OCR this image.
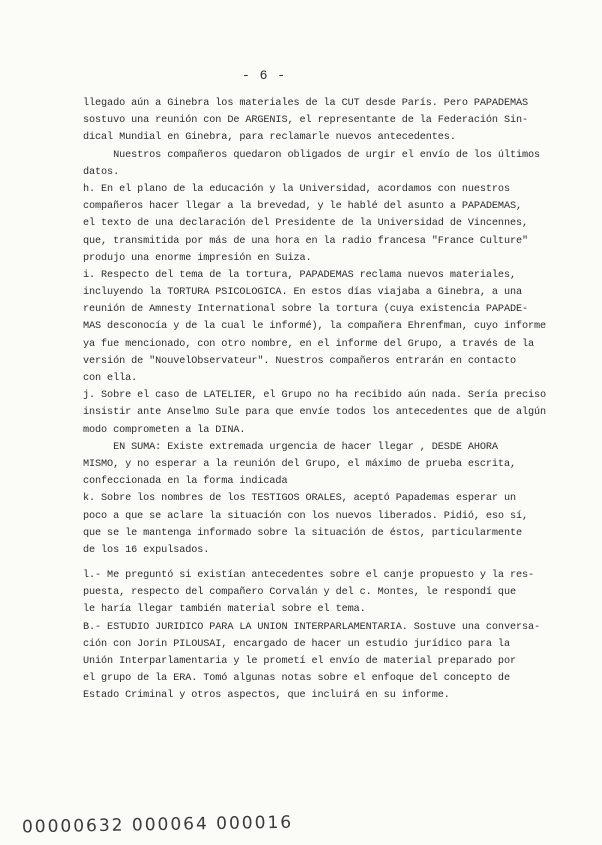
- 6 -
llegado aún a Ginebra los materiales de la CUT desde París. Pero PAPADEMAS
sostuvo una reunión con De ARGENIS, el representante de la Federación Sin-
dical Mundial en Ginebra, para reclamarle nuevos antecedentes.
Nuestros compañeros quedaron obligados de urgir el envío de los últimos
datos.
h. En el plano de la educación y la Universidad, acordamos con nuestros
compañeros hacer llegar a la brevedad, y le hablé del asunto a PAPADEMAS,
el texto de una declaración del Presidente de la Universidad de Vincennes,
que, transmitida por más de una hora en la radio francesa "France Culture"
produjo una enorme impresión en Suiza.
i. Respecto del tema de la tortura, PAPADEMAS reclama nuevos materiales,
incluyendo la TORTURA PSICOLOGICA. En estos días viajaba a Ginebra, a una
reunión de Amnesty International sobre la tortura (cuya existencia PAPADE-
MAS desconocía y de la cual le informé), la compañera Ehrenfman, cuyo informe
ya fue mencionado, con otro nombre, en el informe del Grupo, a través de la
versión de "NouvelObservateur". Nuestros compañeros entrarán en contacto
con ella.
j. Sobre el caso de LATELIER, el Grupo no ha recibido aún nada. Sería preciso
insistir ante Anselmo Sule para que envíe todos los antecedentes que de algún
modo comprometen a la DINA.
EN SUMA: Existe extremada urgencia de hacer llegar , DESDE AHORA
MISMO, y no esperar a la reunión del Grupo, el máximo de prueba escrita,
confeccionada en la forma indicada
k. Sobre los nombres de los TESTIGOS ORALES, aceptó Papademas esperar un
poco a que se aclare la situación con los nuevos liberados. Pidió, eso sí,
que se le mantenga informado sobre la situación de éstos, particularmente
de los 16 expulsados.
l.- Me preguntó si existían antecedentes sobre el canje propuesto y la res-
puesta, respecto del compañero Corvalán y del c. Montes, le respondí que
le haría llegar también material sobre el tema.
B.- ESTUDIO JURIDICO PARA LA UNION INTERPARLAMENTARIA. Sostuve una conversa-
ción con Jorin PILOUSAI, encargado de hacer un estudio jurídico para la
Unión Interparlamentaria y le prometí el envío de material preparado por
el grupo de la ERA. Tomó algunas notas sobre el enfoque del concepto de
Estado Criminal y otros aspectos, que incluirá en su informe.
00000632 000064 000016
